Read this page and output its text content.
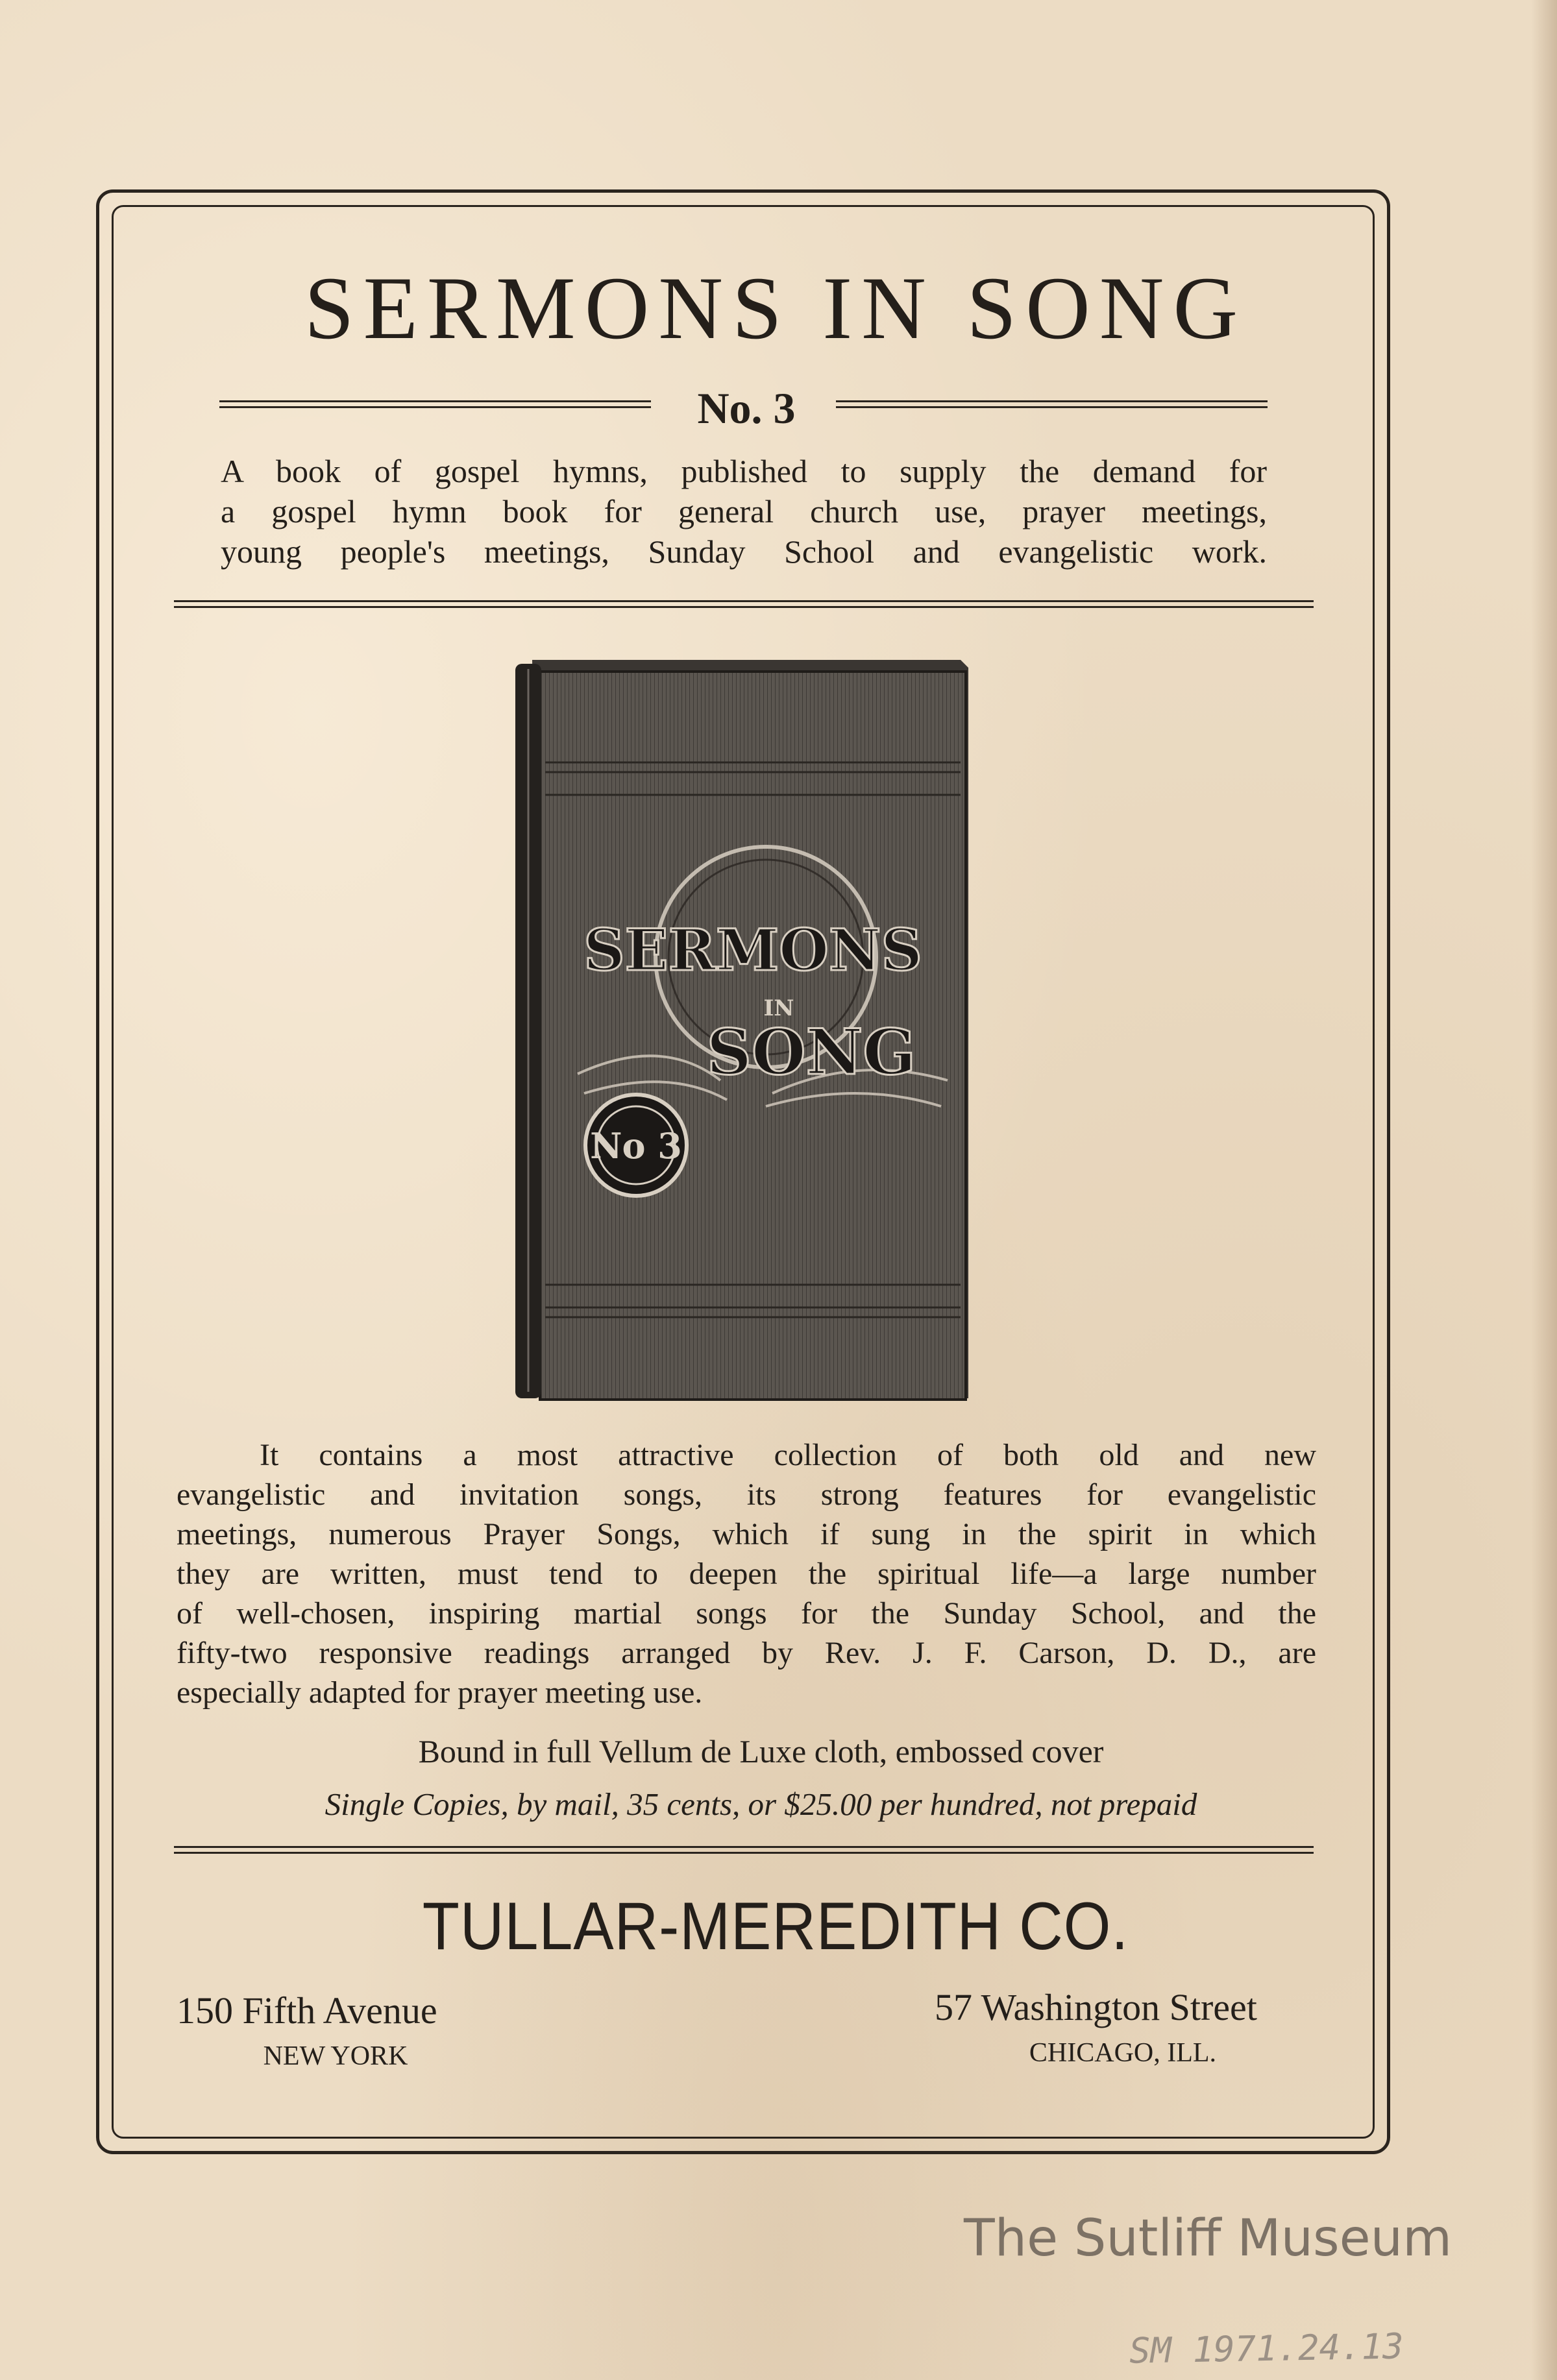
SERMONS IN SONG
No. 3
A book of gospel hymns, published to supply the demand for
a gospel hymn book for general church use, prayer meetings,
young people's meetings, Sunday School and evangelistic work.
SERMONS
IN
SONG
No 3
It contains a most attractive collection of both old and new
evangelistic and invitation songs, its strong features for evangelistic
meetings, numerous Prayer Songs, which if sung in the spirit in which
they are written, must tend to deepen the spiritual life—a large number
of well-chosen, inspiring martial songs for the Sunday School, and the
fifty-two responsive readings arranged by Rev. J. F. Carson, D. D., are
especially adapted for prayer meeting use.
Bound in full Vellum de Luxe cloth, embossed cover
Single Copies, by mail, 35 cents, or $25.00 per hundred, not prepaid
TULLAR-MEREDITH CO.
150 Fifth Avenue
NEW YORK
57 Washington Street
CHICAGO, ILL.
The Sutliff Museum
SM 1971.24.13
